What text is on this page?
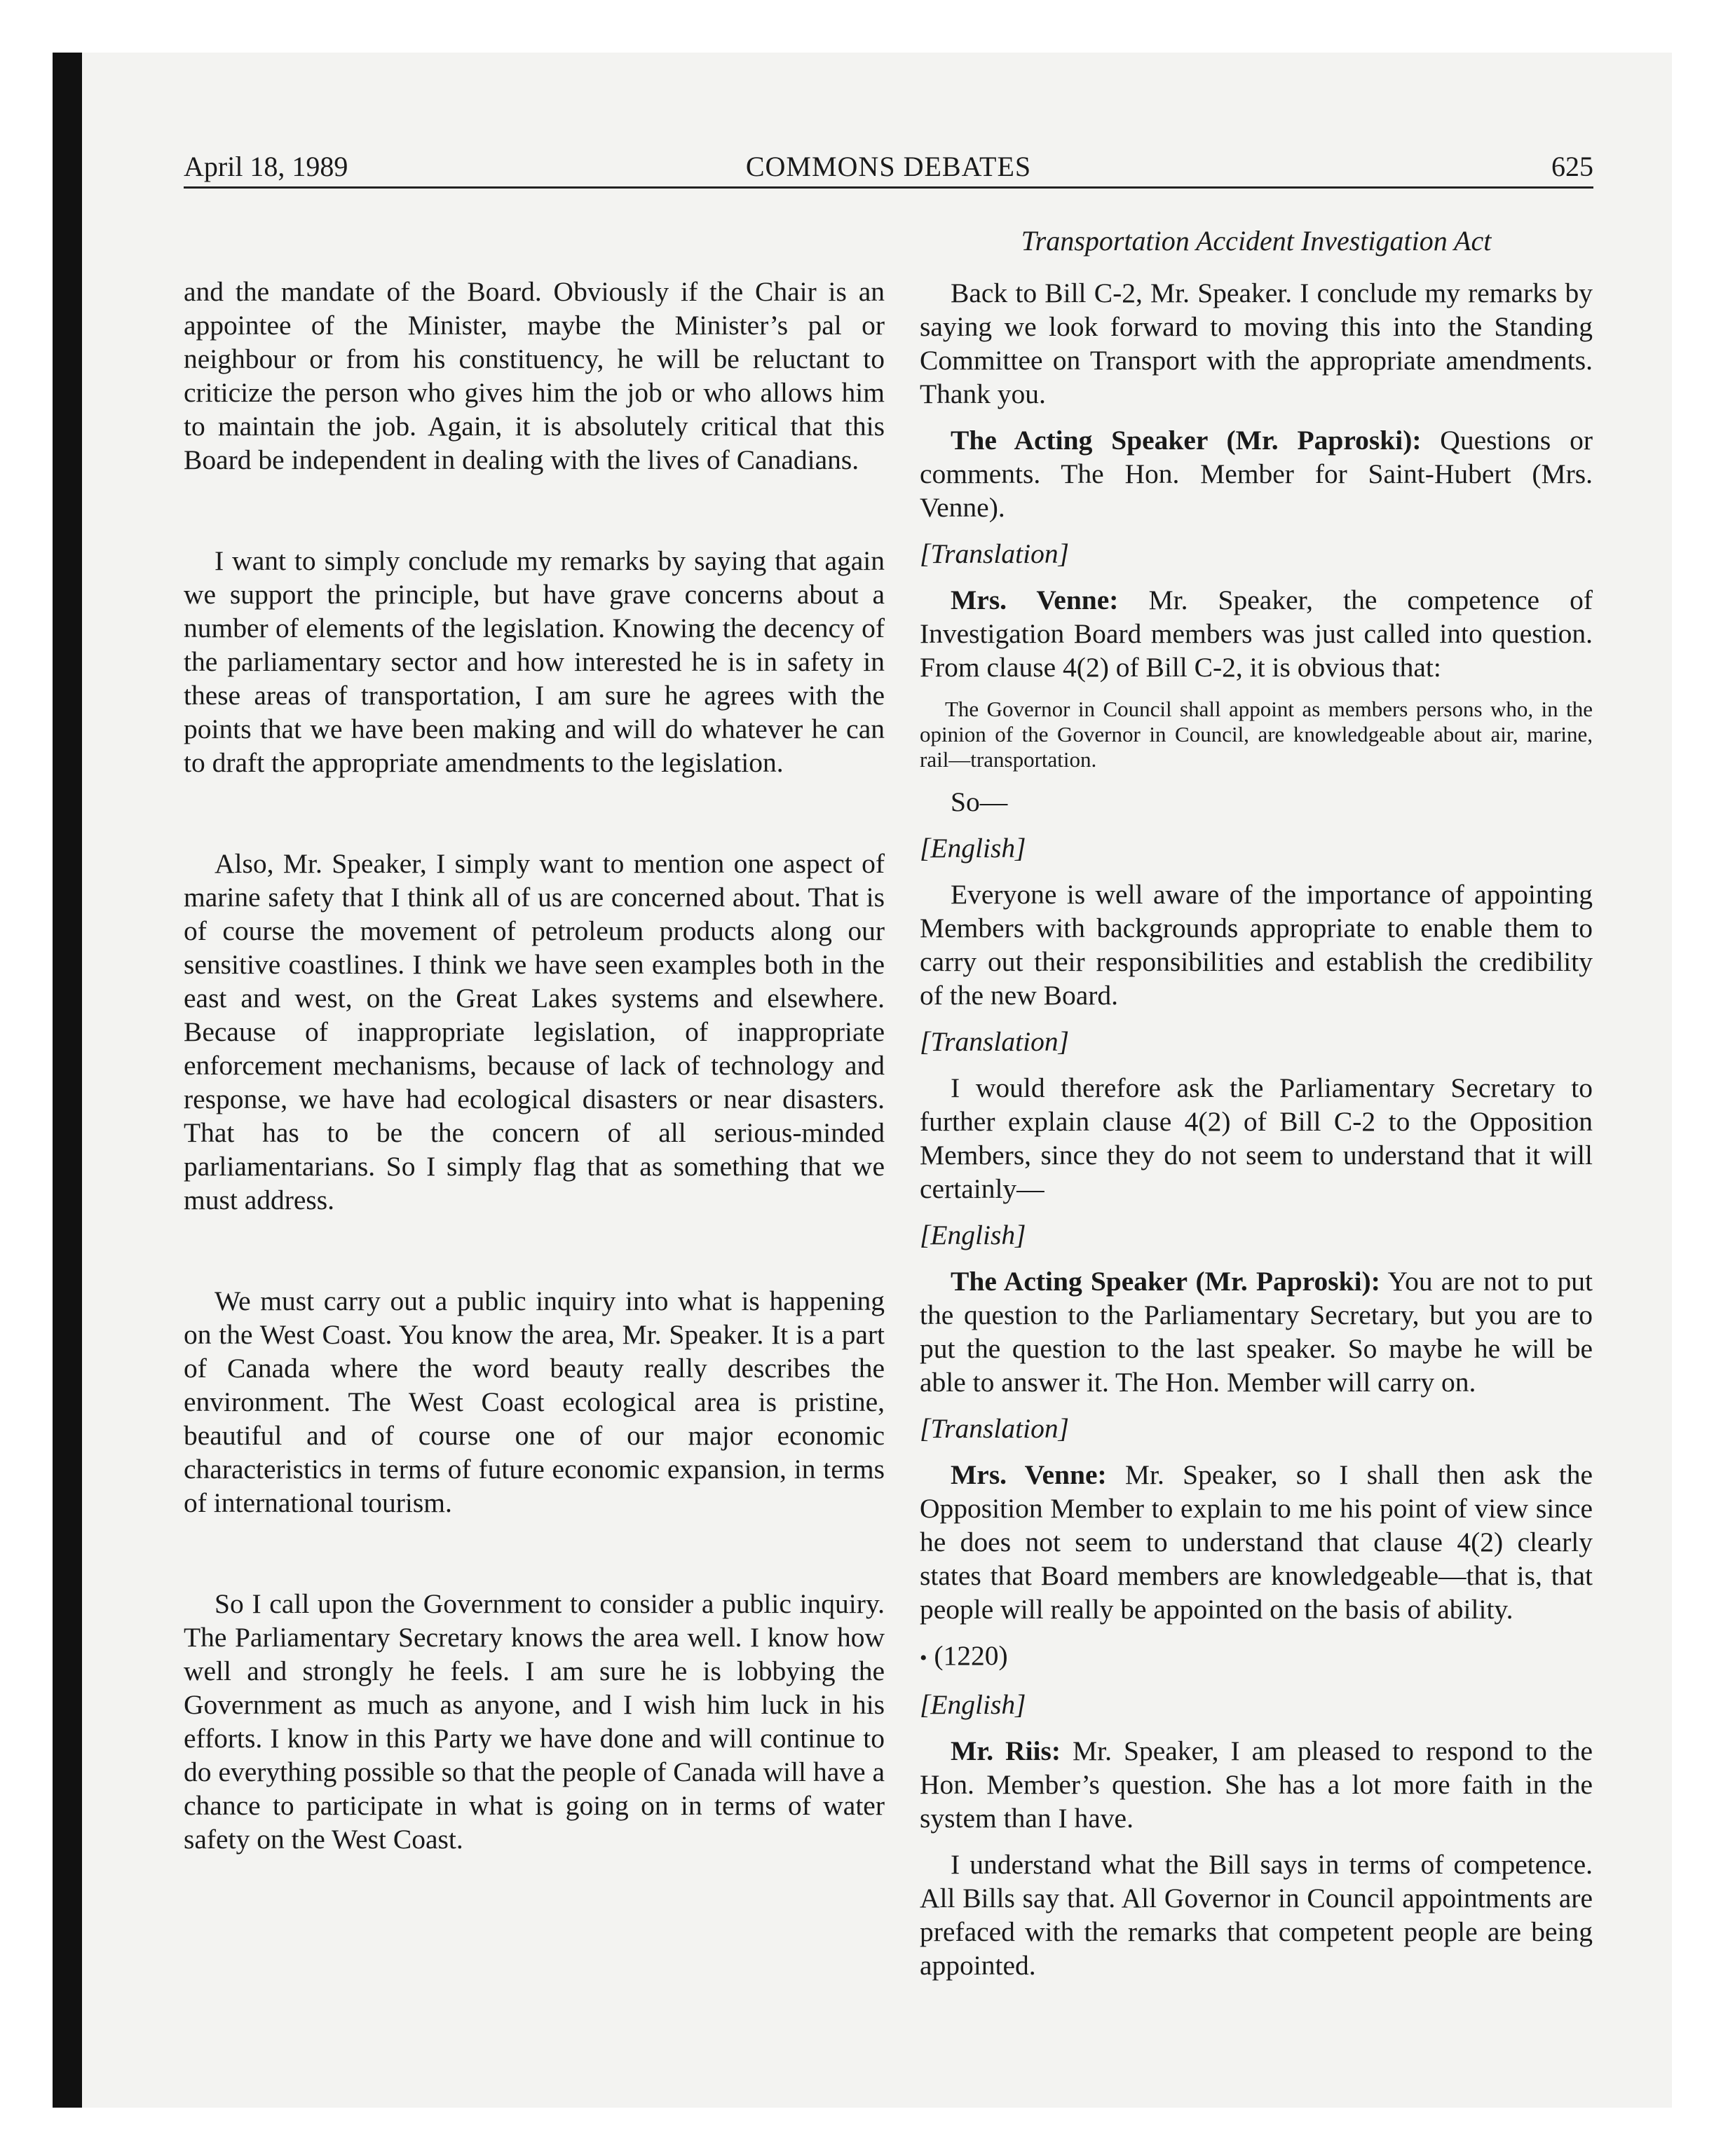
April 18, 1989	COMMONS DEBATES	625

and the mandate of the Board. Obviously if the Chair is an appointee of the Minister, maybe the Minister’s pal or neighbour or from his constituency, he will be reluctant to criticize the person who gives him the job or who allows him to maintain the job. Again, it is absolutely critical that this Board be independent in dealing with the lives of Canadians.

I want to simply conclude my remarks by saying that again we support the principle, but have grave concerns about a number of elements of the legislation. Knowing the decency of the parliamentary sector and how interested he is in safety in these areas of transportation, I am sure he agrees with the points that we have been making and will do whatever he can to draft the appropriate amendments to the legislation.

Also, Mr. Speaker, I simply want to mention one aspect of marine safety that I think all of us are concerned about. That is of course the movement of petroleum products along our sensitive coastlines. I think we have seen examples both in the east and west, on the Great Lakes systems and elsewhere. Because of inappropriate legislation, of inappropriate enforcement mechanisms, because of lack of technology and response, we have had ecological disasters or near disasters. That has to be the concern of all serious-minded parliamentarians. So I simply flag that as something that we must address.

We must carry out a public inquiry into what is happening on the West Coast. You know the area, Mr. Speaker. It is a part of Canada where the word beauty really describes the environment. The West Coast ecological area is pristine, beautiful and of course one of our major economic characteristics in terms of future economic expansion, in terms of international tourism.

So I call upon the Government to consider a public inquiry. The Parliamentary Secretary knows the area well. I know how well and strongly he feels. I am sure he is lobbying the Government as much as anyone, and I wish him luck in his efforts. I know in this Party we have done and will continue to do everything possible so that the people of Canada will have a chance to participate in what is going on in terms of water safety on the West Coast.

Transportation Accident Investigation Act

Back to Bill C-2, Mr. Speaker. I conclude my remarks by saying we look forward to moving this into the Standing Committee on Transport with the appropriate amendments. Thank you.

The Acting Speaker (Mr. Paproski): Questions or comments. The Hon. Member for Saint-Hubert (Mrs. Venne).

[Translation]

Mrs. Venne: Mr. Speaker, the competence of Investigation Board members was just called into question. From clause 4(2) of Bill C-2, it is obvious that:

The Governor in Council shall appoint as members persons who, in the opinion of the Governor in Council, are knowledgeable about air, marine, rail—transportation.

So—

[English]

Everyone is well aware of the importance of appointing Members with backgrounds appropriate to enable them to carry out their responsibilities and establish the credibility of the new Board.

[Translation]

I would therefore ask the Parliamentary Secretary to further explain clause 4(2) of Bill C-2 to the Opposition Members, since they do not seem to understand that it will certainly—

[English]

The Acting Speaker (Mr. Paproski): You are not to put the question to the Parliamentary Secretary, but you are to put the question to the last speaker. So maybe he will be able to answer it. The Hon. Member will carry on.

[Translation]

Mrs. Venne: Mr. Speaker, so I shall then ask the Opposition Member to explain to me his point of view since he does not seem to understand that clause 4(2) clearly states that Board members are knowledgeable—that is, that people will really be appointed on the basis of ability.

• (1220)

[English]

Mr. Riis: Mr. Speaker, I am pleased to respond to the Hon. Member’s question. She has a lot more faith in the system than I have.

I understand what the Bill says in terms of competence. All Bills say that. All Governor in Council appointments are prefaced with the remarks that competent people are being appointed.
